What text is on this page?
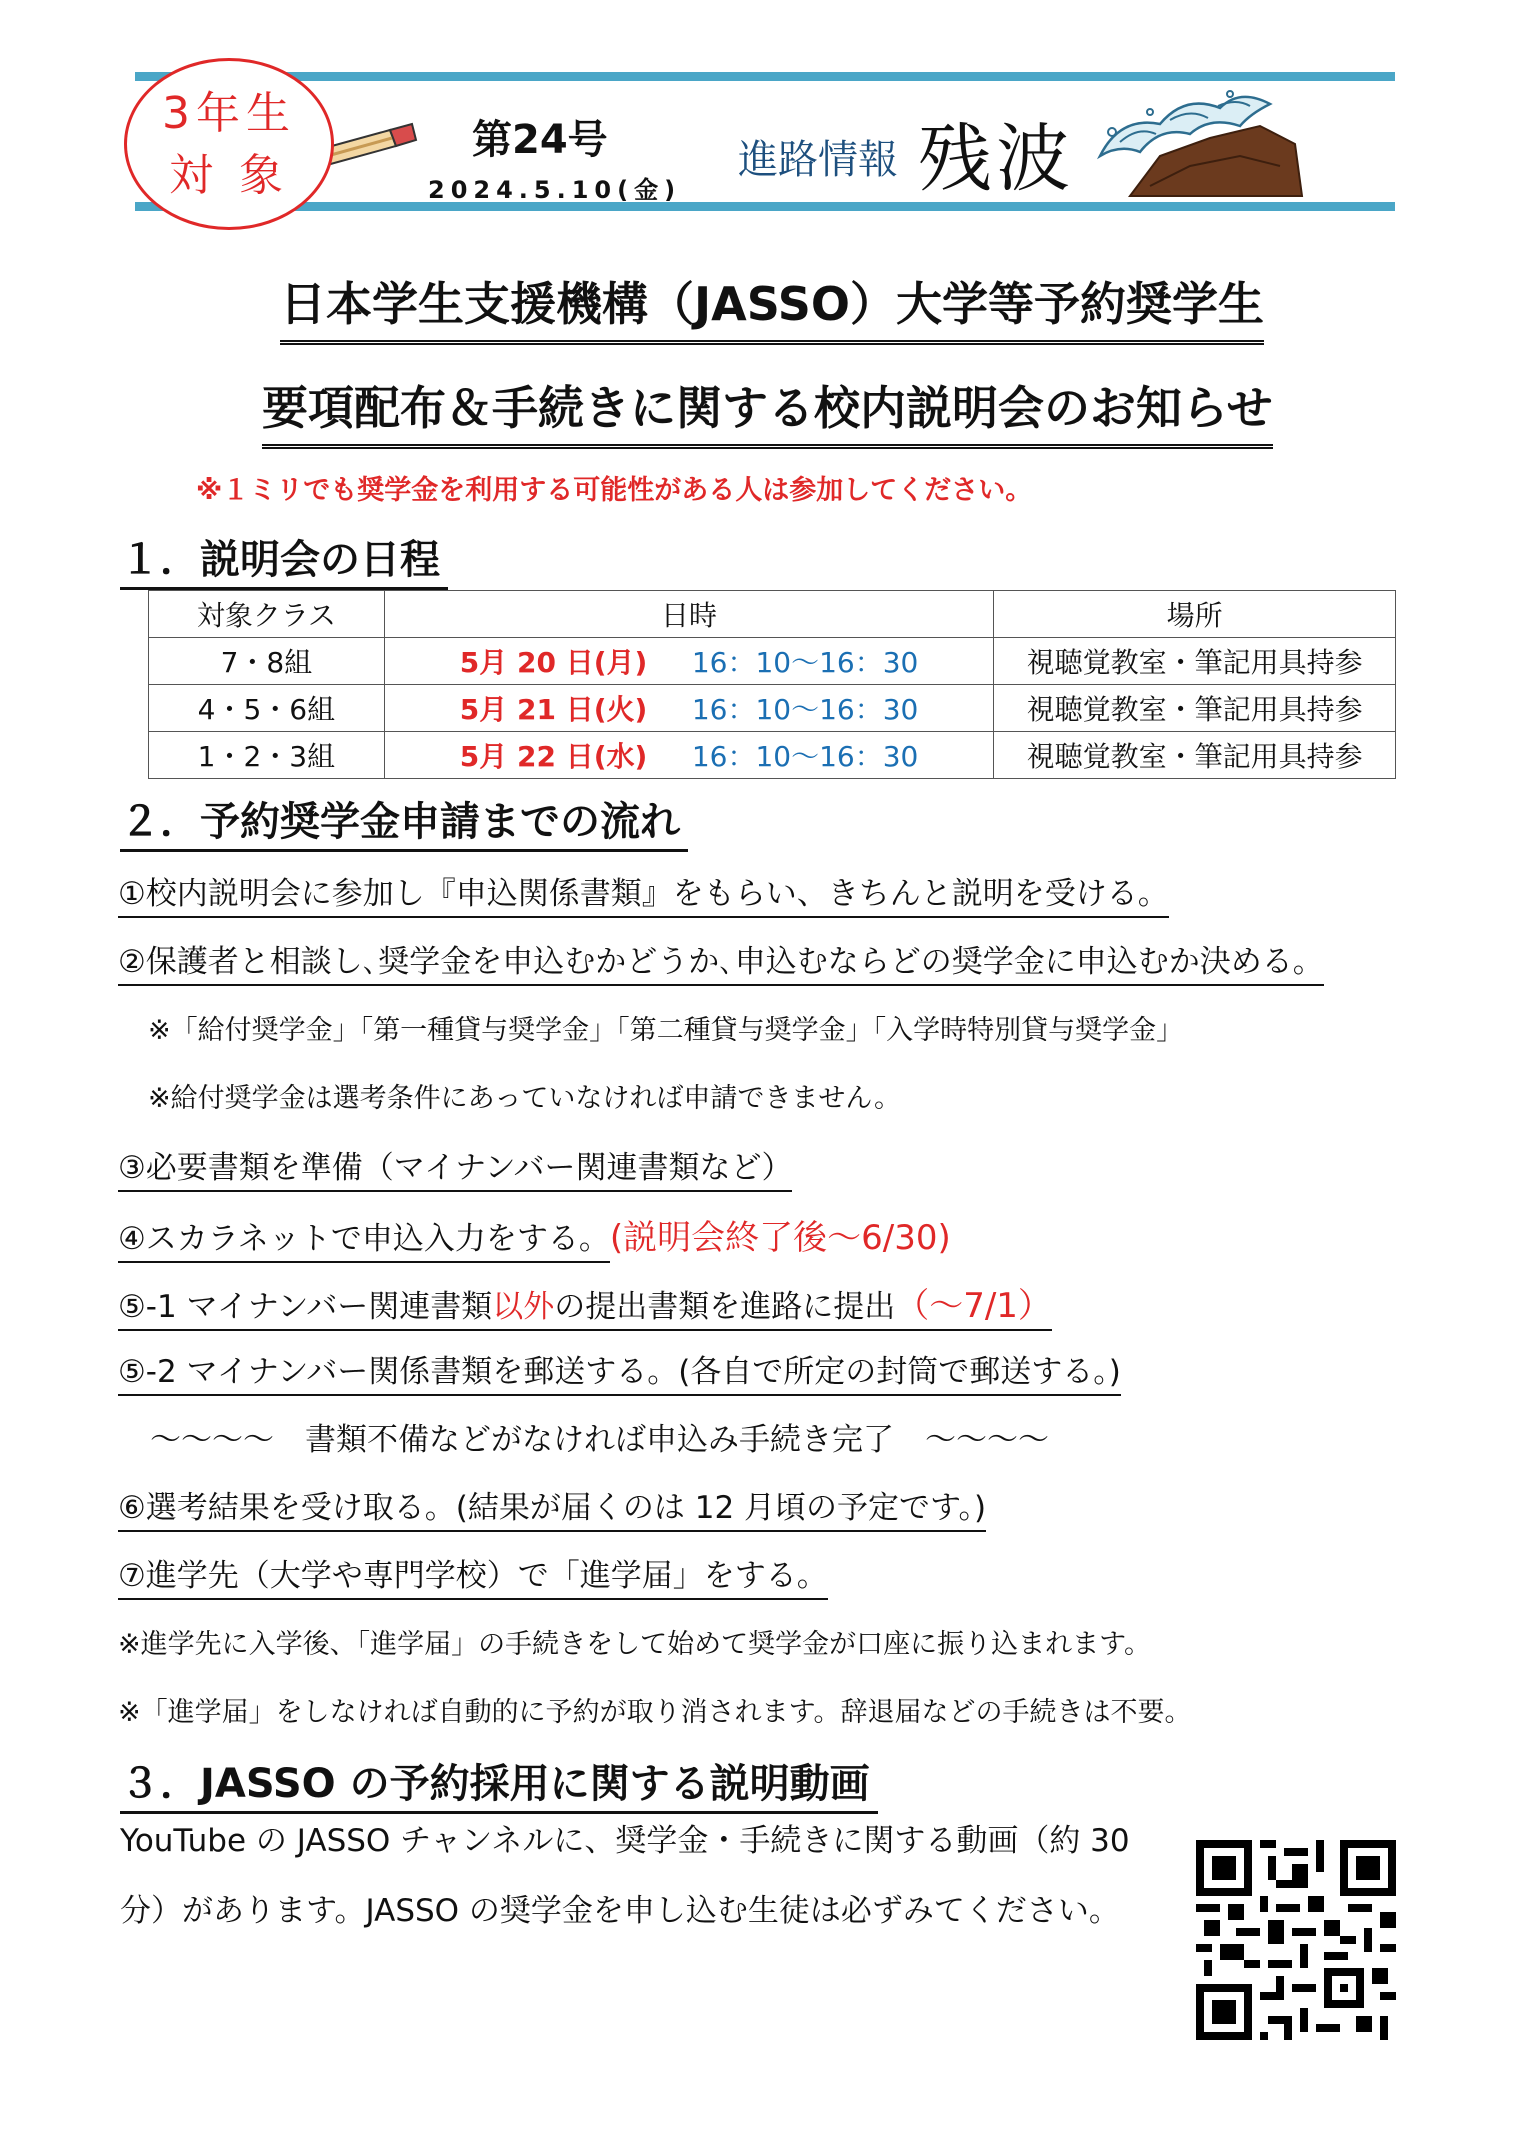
3年生
対 象
第24号
2024.5.10(金)
進路情報 残波
日本学生支援機構（JASSO）大学等予約奨学生
要項配布＆手続きに関する校内説明会のお知らせ
※１ミリでも奨学金を利用する可能性がある人は参加してください。
１．説明会の日程
対象クラス	日時	場所
7・8組	5月 20 日(月) 16：10～16：30	視聴覚教室・筆記用具持参
4・5・6組	5月 21 日(火) 16：10～16：30	視聴覚教室・筆記用具持参
1・2・3組	5月 22 日(水) 16：10～16：30	視聴覚教室・筆記用具持参
２．予約奨学金申請までの流れ
①校内説明会に参加し『申込関係書類』をもらい、きちんと説明を受ける。
②保護者と相談し､奨学金を申込むかどうか､申込むならどの奨学金に申込むか決める。
※「給付奨学金」「第一種貸与奨学金」「第二種貸与奨学金」「入学時特別貸与奨学金」
※給付奨学金は選考条件にあっていなければ申請できません。
③必要書類を準備（マイナンバー関連書類など）
④スカラネットで申込入力をする。(説明会終了後～6/30)
⑤-1 マイナンバー関連書類以外の提出書類を進路に提出（～7/1）
⑤-2 マイナンバー関係書類を郵送する。(各自で所定の封筒で郵送する。)
～～～～　書類不備などがなければ申込み手続き完了　～～～～
⑥選考結果を受け取る。(結果が届くのは 12 月頃の予定です。)
⑦進学先（大学や専門学校）で「進学届」をする。
※進学先に入学後、「進学届」の手続きをして始めて奨学金が口座に振り込まれます。
※「進学届」をしなければ自動的に予約が取り消されます。辞退届などの手続きは不要。
３．JASSO の予約採用に関する説明動画
YouTube の JASSO チャンネルに、奨学金・手続きに関する動画（約 30 分）があります。JASSO の奨学金を申し込む生徒は必ずみてください。
